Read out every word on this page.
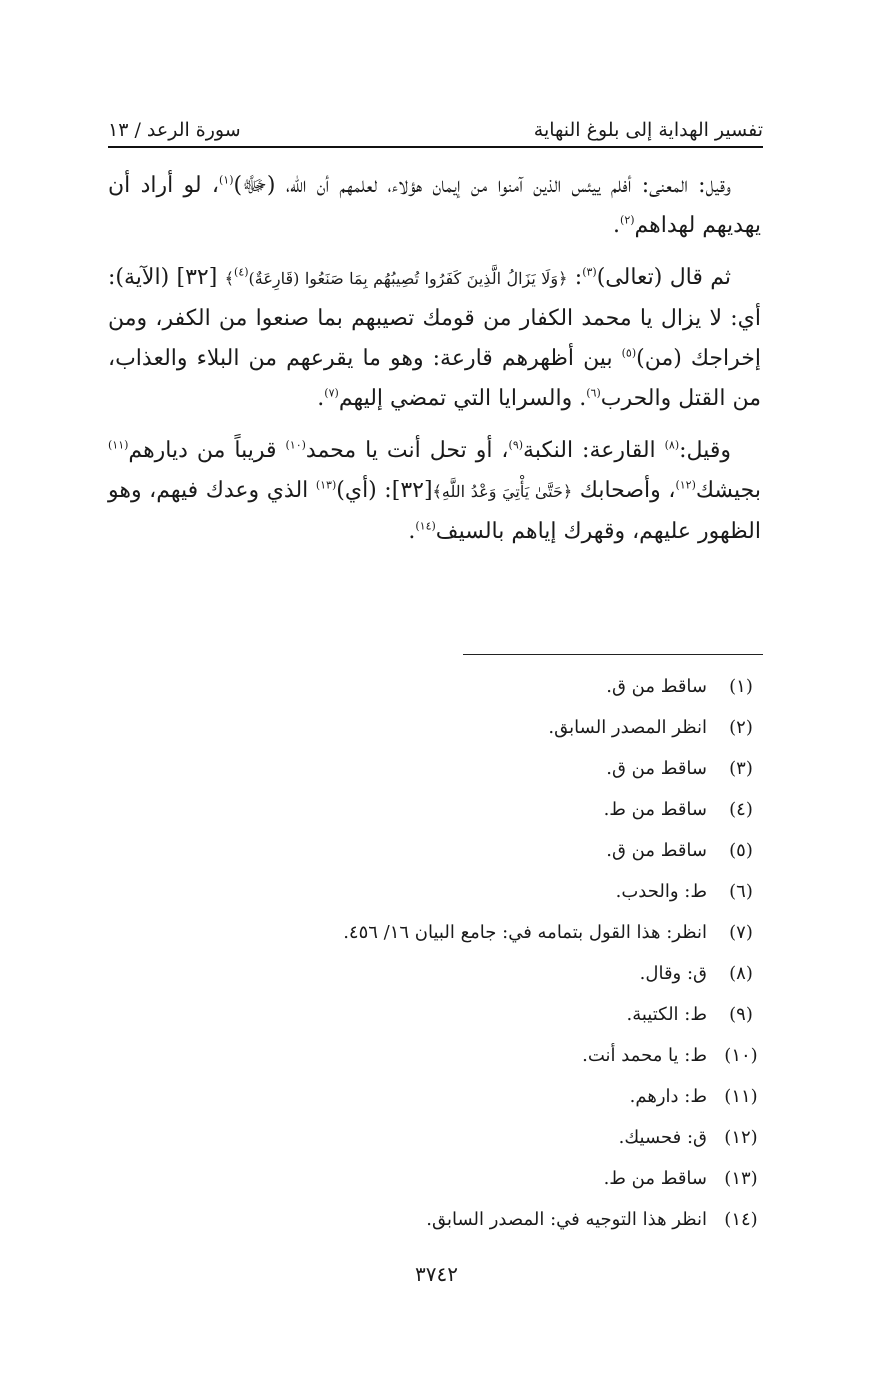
تفسير الهداية إلى بلوغ النهاية
سورة الرعد / ١٣

وقيل: المعنى: أفلم ييئس الذين آمنوا من إيمان هؤلاء، لعلمهم أن الله، (ﷻ)$^{(١)}$، لو أراد أن يهديهم لهداهم$^{(٢)}$.

ثم قال (تعالى)$^{(٣)}$: ﴿وَلَا يَزَالُ الَّذِينَ كَفَرُوا تُصِيبُهُم بِمَا صَنَعُوا (قَارِعَةٌ)$^{(٤)}$﴾ [٣٢] (الآية): أي: لا يزال يا محمد الكفار من قومك تصيبهم بما صنعوا من الكفر، ومن إخراجك (من)$^{(٥)}$ بين أظهرهم قارعة: وهو ما يقرعهم من البلاء والعذاب، من القتل والحرب$^{(٦)}$. والسرايا التي تمضي إليهم$^{(٧)}$.

وقيل:$^{(٨)}$ القارعة: النكبة$^{(٩)}$، أو تحل أنت يا محمد$^{(١٠)}$ قريباً من ديارهم$^{(١١)}$ بجيشك$^{(١٢)}$، وأصحابك ﴿حَتَّىٰ يَأْتِيَ وَعْدُ اللَّهِ﴾[٣٢]: (أي)$^{(١٣)}$ الذي وعدك فيهم، وهو الظهور عليهم، وقهرك إياهم بالسيف$^{(١٤)}$.

(١)
ساقط من ق.
(٢)
انظر المصدر السابق.
(٣)
ساقط من ق.
(٤)
ساقط من ط.
(٥)
ساقط من ق.
(٦)
ط: والحدب.
(٧)
انظر: هذا القول بتمامه في: جامع البيان ١٦/ ٤٥٦.
(٨)
ق: وقال.
(٩)
ط: الكتيبة.
(١٠)
ط: يا محمد أنت.
(١١)
ط: دارهم.
(١٢)
ق: فحسيك.
(١٣)
ساقط من ط.
(١٤)
انظر هذا التوجيه في: المصدر السابق.
٣٧٤٢
